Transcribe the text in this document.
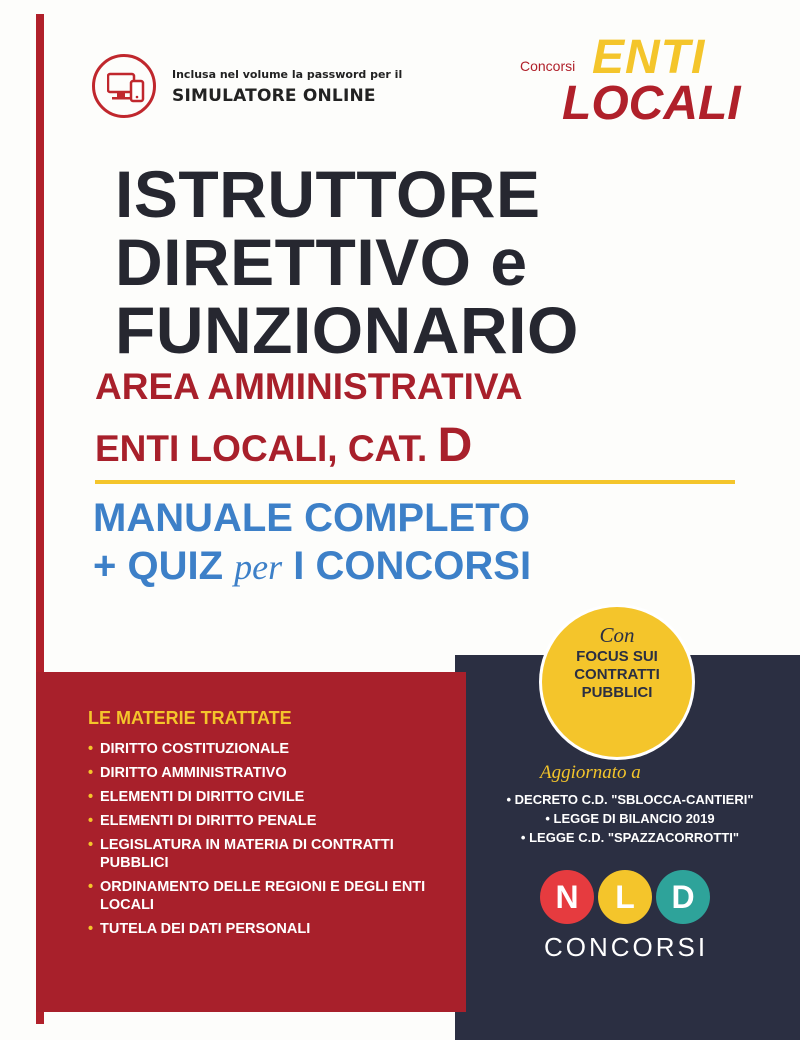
Inclusa nel volume la password per il
SIMULATORE ONLINE
Concorsi ENTI
LOCALI
ISTRUTTORE
DIRETTIVO e
FUNZIONARIO
AREA AMMINISTRATIVA
ENTI LOCALI, CAT. D
MANUALE COMPLETO
+ QUIZ per I CONCORSI
LE MATERIE TRATTATE
• DIRITTO COSTITUZIONALE
• DIRITTO AMMINISTRATIVO
• ELEMENTI DI DIRITTO CIVILE
• ELEMENTI DI DIRITTO PENALE
• LEGISLATURA IN MATERIA DI CONTRATTI PUBBLICI
• ORDINAMENTO DELLE REGIONI E DEGLI ENTI LOCALI
• TUTELA DEI DATI PERSONALI
Con
FOCUS SUI
CONTRATTI
PUBBLICI
Aggiornato a
• DECRETO C.D. "SBLOCCA-CANTIERI"
• LEGGE DI BILANCIO 2019
• LEGGE C.D. "SPAZZACORROTTI"
N	L	D
CONCORSI
